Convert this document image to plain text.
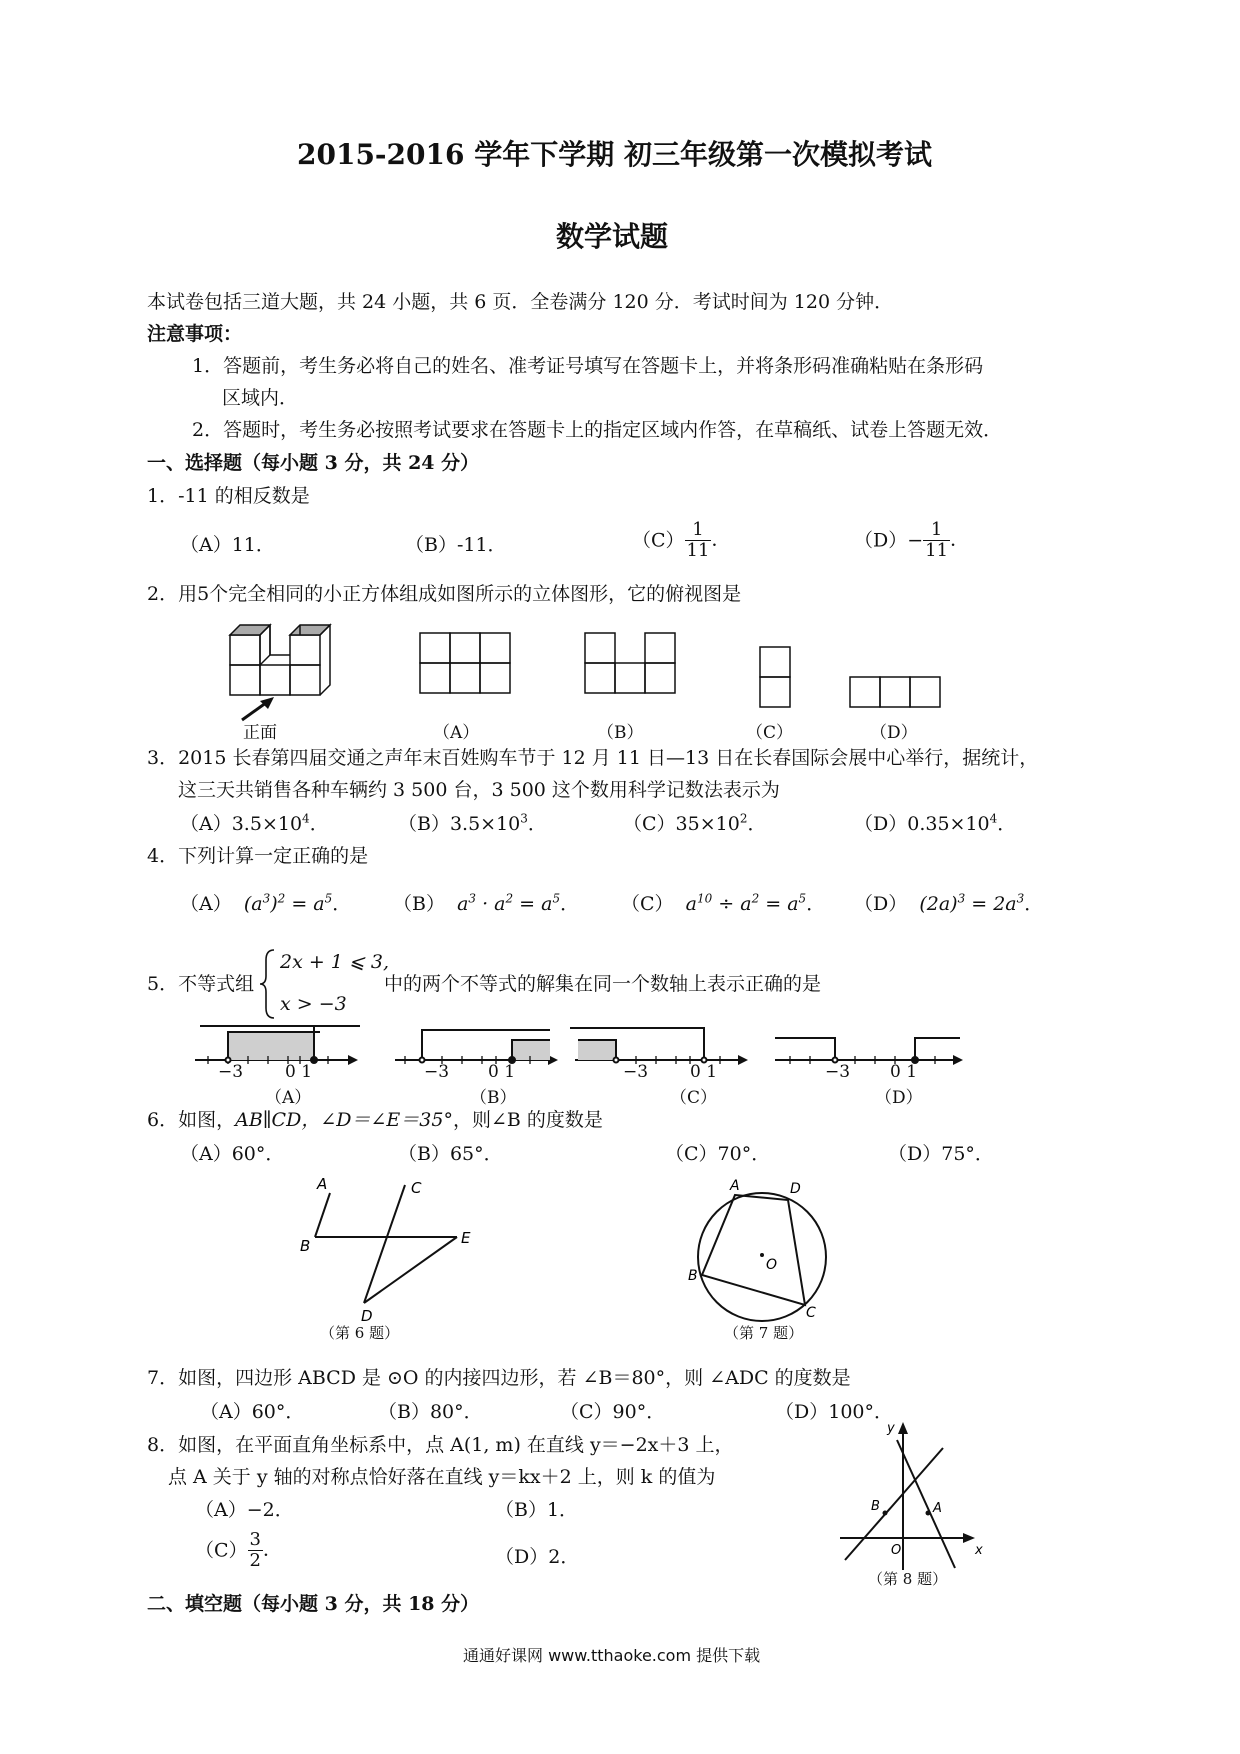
2015-2016 学年下学期 初三年级第一次模拟考试
数学试题
本试卷包括三道大题，共 24 小题，共 6 页．全卷满分 120 分．考试时间为 120 分钟．
注意事项：
1．答题前，考生务必将自己的姓名、准考证号填写在答题卡上，并将条形码准确粘贴在条形码
区域内．
2．答题时，考生务必按照考试要求在答题卡上的指定区域内作答，在草稿纸、试卷上答题无效．
一、选择题（每小题 3 分，共 24 分）
1．-11 的相反数是
（A）11．	（B）-11．	$(C) \frac{1}{11}$ ．	$(D)- \frac{1}{11}$ ．
2．用5个完全相同的小正方体组成如图所示的立体图形，它的俯视图是
正面	（A）	（B）	（C）	（D）
3．2015 长春第四届交通之声年末百姓购车节于 12 月 11 日—13 日在长春国际会展中心举行，据统计，
这三天共销售各种车辆约 3 500 台，3 500 这个数用科学记数法表示为
$(A)3.5\times 10^4$．	$(B)3.5\times 10^3$．	$(C)35\times 10^2$．	$(D)0.35\times 10^4$．
4．下列计算一定正确的是
（A） $(a^3)^2 = a^5$． （B） $a^3 \cdot a^2 = a^5$． （C） $a^{10} \div a^2 = a^5$． （D） $(2a)^3 = 2a^3$．
5．不等式组
2x + 1 ⩽ 3,
x > −3
中的两个不等式的解集在同一个数轴上表示正确的是
−3 0 1	−3 0 1	−3 0 1	−3 0 1
（A）	（B）	（C）	（D）
6．如图，AB∥CD，∠D＝∠E＝35°，则∠B 的度数是
（A）60°．	（B）65°．	（C）70°．	（D）75°．
A
B
C
D
E
（第 6 题）
A	D
B
C
O
（第 7 题）
7．如图，四边形 ABCD 是 ⊙O 的内接四边形，若 ∠B＝80°，则 ∠ADC 的度数是
（A）60°．	（B）80°．	（C）90°．	（D）100°．
8．如图，在平面直角坐标系中，点 A(1, m) 在直线 y＝−2x＋3 上，
点 A 关于 y 轴的对称点恰好落在直线 y＝kx＋2 上，则 k 的值为
（A）−2．	（B）1．
$(C) \frac{3}{2}$ ．	（D）2．
y
x
O
B	A
（第 8 题）
二、填空题（每小题 3 分，共 18 分）
通通好课网 www.tthaoke.com 提供下载
